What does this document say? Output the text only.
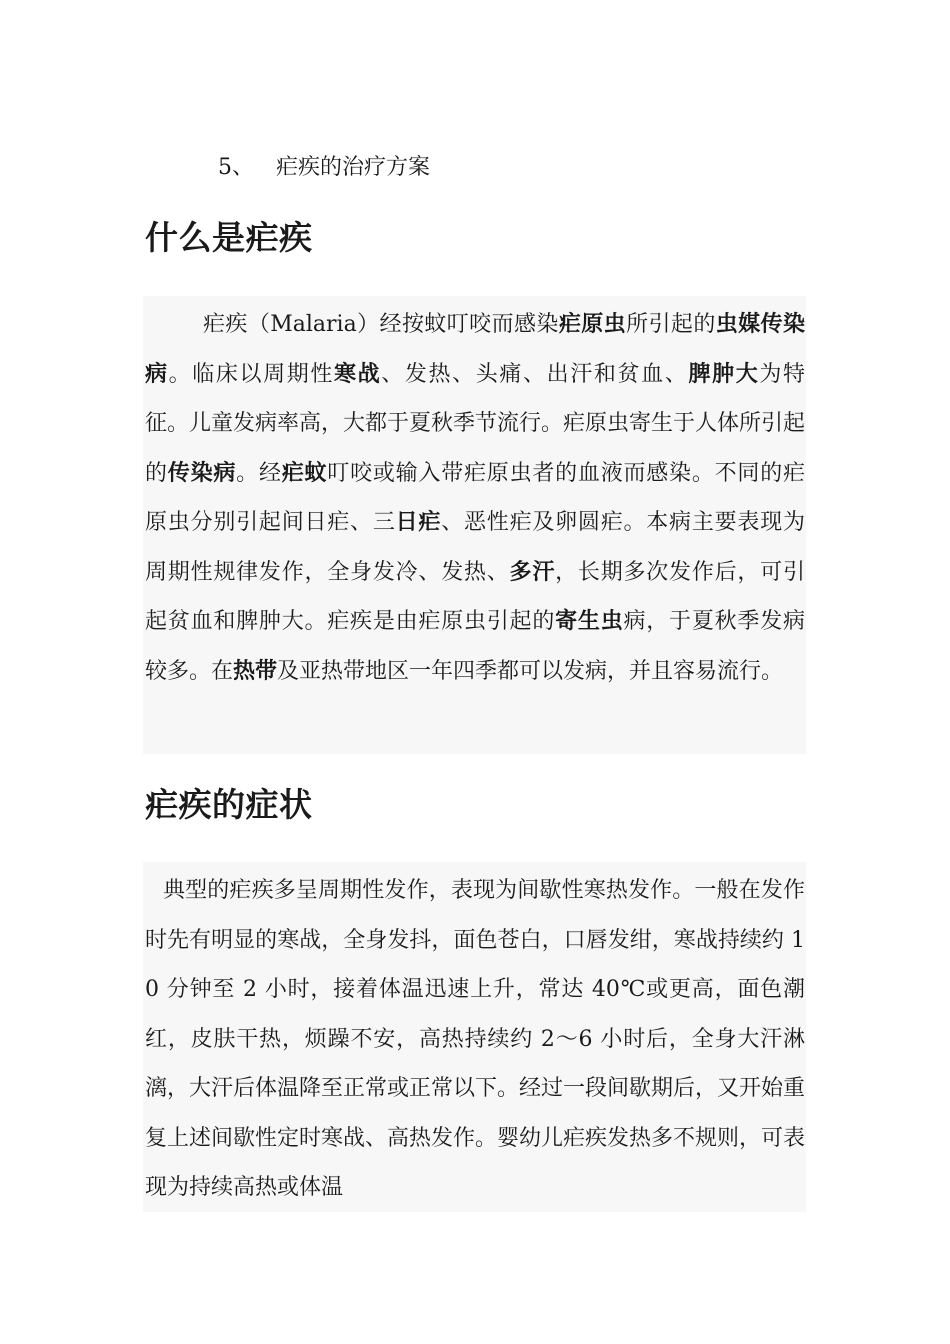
5、 疟疾的治疗方案
什么是疟疾

疟疾（Malaria）经按蚊叮咬而感染疟原虫所引起的虫媒传染病。临床以周期性寒战、发热、头痛、出汗和贫血、脾肿大为特征。儿童发病率高，大都于夏秋季节流行。疟原虫寄生于人体所引起的传染病。经疟蚊叮咬或输入带疟原虫者的血液而感染。不同的疟原虫分别引起间日疟、三日疟、恶性疟及卵圆疟。本病主要表现为周期性规律发作，全身发冷、发热、多汗，长期多次发作后，可引起贫血和脾肿大。疟疾是由疟原虫引起的寄生虫病，于夏秋季发病较多。在热带及亚热带地区一年四季都可以发病，并且容易流行。

疟疾的症状

典型的疟疾多呈周期性发作，表现为间歇性寒热发作。一般在发作时先有明显的寒战，全身发抖，面色苍白，口唇发绀，寒战持续约 10 分钟至 2 小时，接着体温迅速上升，常达 40℃或更高，面色潮红，皮肤干热，烦躁不安，高热持续约 2～6 小时后，全身大汗淋漓，大汗后体温降至正常或正常以下。经过一段间歇期后，又开始重复上述间歇性定时寒战、高热发作。婴幼儿疟疾发热多不规则，可表现为持续高热或体温
